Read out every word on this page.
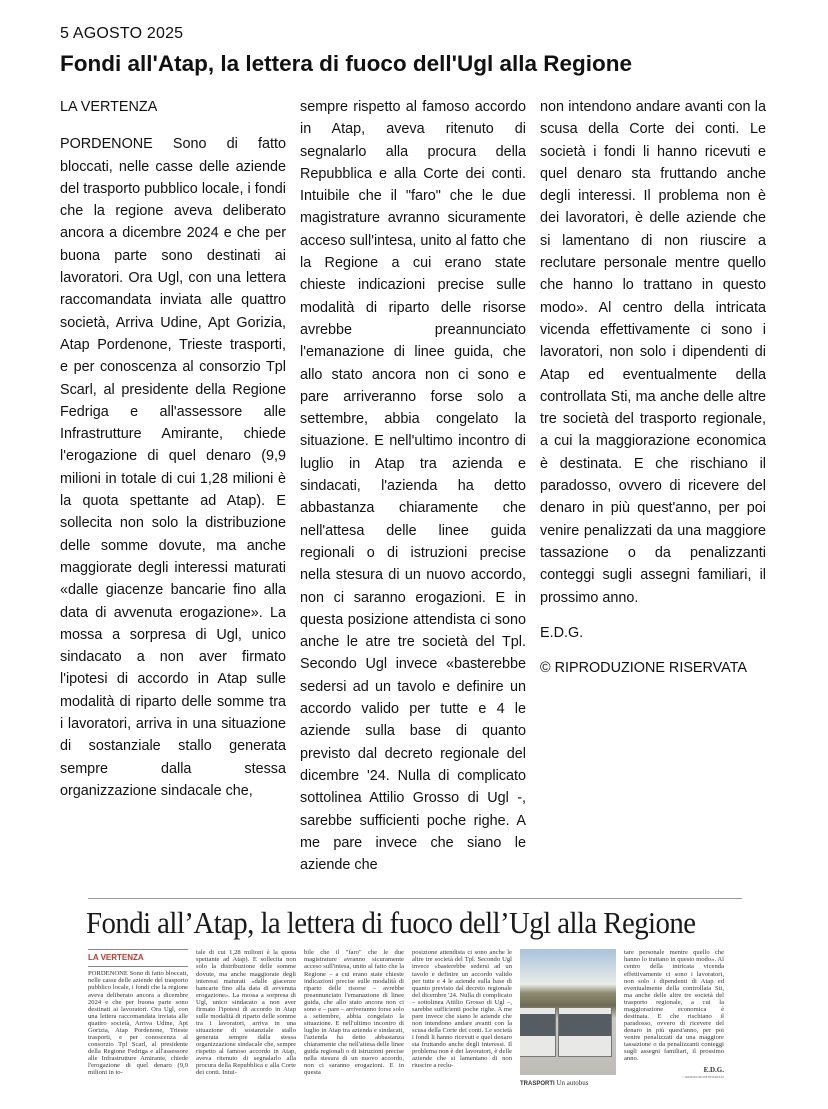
5 AGOSTO 2025
Fondi all'Atap, la lettera di fuoco dell'Ugl alla Regione

LA VERTENZA

PORDENONE Sono di fatto bloccati, nelle casse delle aziende del trasporto pubblico locale, i fondi che la regione aveva deliberato ancora a dicembre 2024 e che per buona parte sono destinati ai lavoratori. Ora Ugl, con una lettera raccomandata inviata alle quattro società, Arriva Udine, Apt Gorizia, Atap Pordenone, Trieste trasporti, e per conoscenza al consorzio Tpl Scarl, al presidente della Regione Fedriga e all'assessore alle Infrastrutture Amirante, chiede l'erogazione di quel denaro (9,9 milioni in totale di cui 1,28 milioni è la quota spettante ad Atap). E sollecita non solo la distribuzione delle somme dovute, ma anche maggiorate degli interessi maturati «dalle giacenze bancarie fino alla data di avvenuta erogazione». La mossa a sorpresa di Ugl, unico sindacato a non aver firmato l'ipotesi di accordo in Atap sulle modalità di riparto delle somme tra i lavoratori, arriva in una situazione di sostanziale stallo generata sempre dalla stessa organizzazione sindacale che,

sempre rispetto al famoso accordo in Atap, aveva ritenuto di segnalarlo alla procura della Repubblica e alla Corte dei conti. Intuibile che il "faro" che le due magistrature avranno sicuramente acceso sull'intesa, unito al fatto che la Regione a cui erano state chieste indicazioni precise sulle modalità di riparto delle risorse avrebbe preannunciato l'emanazione di linee guida, che allo stato ancora non ci sono e pare arriveranno forse solo a settembre, abbia congelato la situazione. E nell'ultimo incontro di luglio in Atap tra azienda e sindacati, l'azienda ha detto abbastanza chiaramente che nell'attesa delle linee guida regionali o di istruzioni precise nella stesura di un nuovo accordo, non ci saranno erogazioni. E in questa posizione attendista ci sono anche le atre tre società del Tpl. Secondo Ugl invece «basterebbe sedersi ad un tavolo e definire un accordo valido per tutte e 4 le aziende sulla base di quanto previsto dal decreto regionale del dicembre '24. Nulla di complicato sottolinea Attilio Grosso di Ugl -, sarebbe sufficienti poche righe. A me pare invece che siano le aziende che

non intendono andare avanti con la scusa della Corte dei conti. Le società i fondi li hanno ricevuti e quel denaro sta fruttando anche degli interessi. Il problema non è dei lavoratori, è delle aziende che si lamentano di non riuscire a reclutare personale mentre quello che hanno lo trattano in questo modo». Al centro della intricata vicenda effettivamente ci sono i lavoratori, non solo i dipendenti di Atap ed eventualmente della controllata Sti, ma anche delle altre tre società del trasporto regionale, a cui la maggiorazione economica è destinata. E che rischiano il paradosso, ovvero di ricevere del denaro in più quest'anno, per poi venire penalizzati da una maggiore tassazione o da penalizzanti conteggi sugli assegni familiari, il prossimo anno.

E.D.G.

© RIPRODUZIONE RISERVATA

Fondi all’Atap, la lettera di fuoco dell’Ugl alla Regione
LA VERTENZA
PORDENONE Sono di fatto bloccati, nelle casse delle aziende del trasporto pubblico locale, i fondi che la regione aveva deliberato ancora a dicembre 2024 e che per buona parte sono destinati ai lavoratori. Ora Ugl, con una lettera raccomandata inviata alle quattro società, Arriva Udine, Apt Gorizia, Atap Pordenone, Trieste trasporti, e per conoscenza al consorzio Tpl Scarl, al presidente della Regione Fedriga e all'assessore alle Infrastrutture Amirante, chiede l'erogazione di quel denaro (9,9 milioni in to-
tale di cui 1,28 milioni è la quota spettante ad Atap). E sollecita non solo la distribuzione delle somme dovute, ma anche maggiorate degli interessi maturati «dalle giacenze bancarie fino alla data di avvenuta erogazione». La mossa a sorpresa di Ugl, unico sindacato a non aver firmato l'ipotesi di accordo in Atap sulle modalità di riparto delle somme tra i lavoratori, arriva in una situazione di sostanziale stallo generata sempre dalla stessa organizzazione sindacale che, sempre rispetto al famoso accordo in Atap, aveva ritenuto di segnalarlo alla procura della Repubblica e alla Corte dei conti. Intui-
bile che il "faro" che le due magistrature avranno sicuramente acceso sull'intesa, unito al fatto che la Regione – a cui erano state chieste indicazioni precise sulle modalità di riparto delle risorse – avrebbe preannunciato l'emanazione di linee guida, che allo stato ancora non ci sono e – pare – arriveranno forse solo a settembre, abbia congelato la situazione. E nell'ultimo incontro di luglio in Atap tra azienda e sindacati, l'azienda ha detto abbastanza chiaramente che nell'attesa delle linee guida regionali o di istruzioni precise nella stesura di un nuovo accordo, non ci saranno erogazioni. E in questa
posizione attendista ci sono anche le altre tre società del Tpl. Secondo Ugl invece «basterebbe sedersi ad un tavolo e definire un accordo valido per tutte e 4 le aziende sulla base di quanto previsto dal decreto regionale del dicembre '24. Nulla di complicato – sottolinea Attilio Grosso di Ugl –, sarebbe sufficienti poche righe. A me pare invece che siano le aziende che non intendono andare avanti con la scusa della Corte dei conti. Le società i fondi li hanno ricevuti e quel denaro sta fruttando anche degli interessi. Il problema non è dei lavoratori, è delle aziende che si lamentano di non riuscire a reclu-
TRASPORTI Un autobus
tare personale mentre quello che hanno lo trattano in questo modo». Al centro della intricata vicenda effettivamente ci sono i lavoratori, non solo i dipendenti di Atap ed eventualmente della controllata Sti, ma anche delle altre tre società del trasporto regionale, a cui la maggiorazione economica è destinata. E che rischiano il paradosso, ovvero di ricevere del denaro in più quest'anno, per poi venire penalizzati da una maggiore tassazione o da penalizzanti conteggi sugli assegni familiari, il prossimo anno.
E.D.G.
© RIPRODUZIONE RISERVATA
